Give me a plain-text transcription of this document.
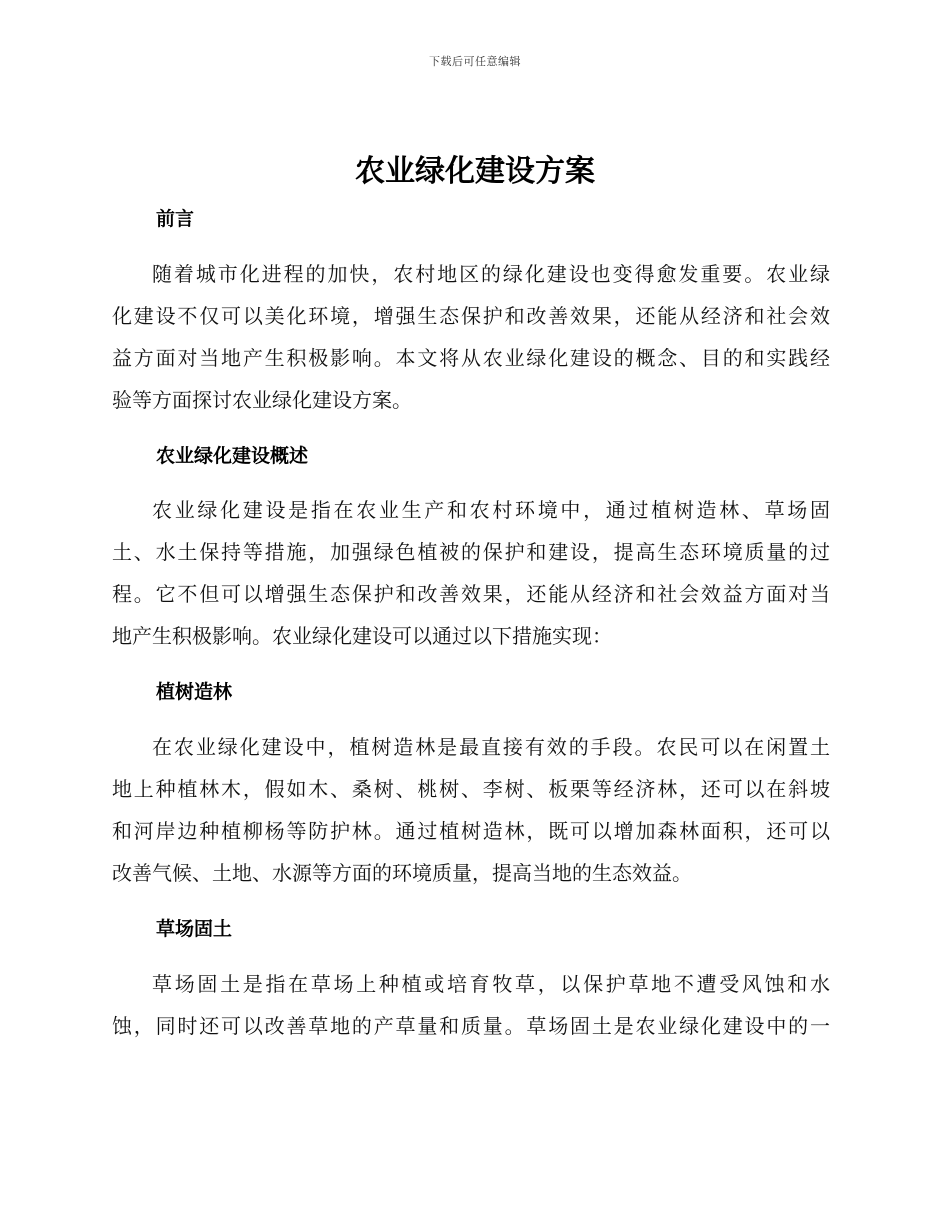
下载后可任意编辑
农业绿化建设方案
前言
随着城市化进程的加快，农村地区的绿化建设也变得愈发重要。农业绿
化建设不仅可以美化环境，增强生态保护和改善效果，还能从经济和社会效
益方面对当地产生积极影响。本文将从农业绿化建设的概念、目的和实践经
验等方面探讨农业绿化建设方案。
农业绿化建设概述
农业绿化建设是指在农业生产和农村环境中，通过植树造林、草场固
土、水土保持等措施，加强绿色植被的保护和建设，提高生态环境质量的过
程。它不但可以增强生态保护和改善效果，还能从经济和社会效益方面对当
地产生积极影响。农业绿化建设可以通过以下措施实现：
植树造林
在农业绿化建设中，植树造林是最直接有效的手段。农民可以在闲置土
地上种植林木，假如木、桑树、桃树、李树、板栗等经济林，还可以在斜坡
和河岸边种植柳杨等防护林。通过植树造林，既可以增加森林面积，还可以
改善气候、土地、水源等方面的环境质量，提高当地的生态效益。
草场固土
草场固土是指在草场上种植或培育牧草，以保护草地不遭受风蚀和水
蚀，同时还可以改善草地的产草量和质量。草场固土是农业绿化建设中的一
